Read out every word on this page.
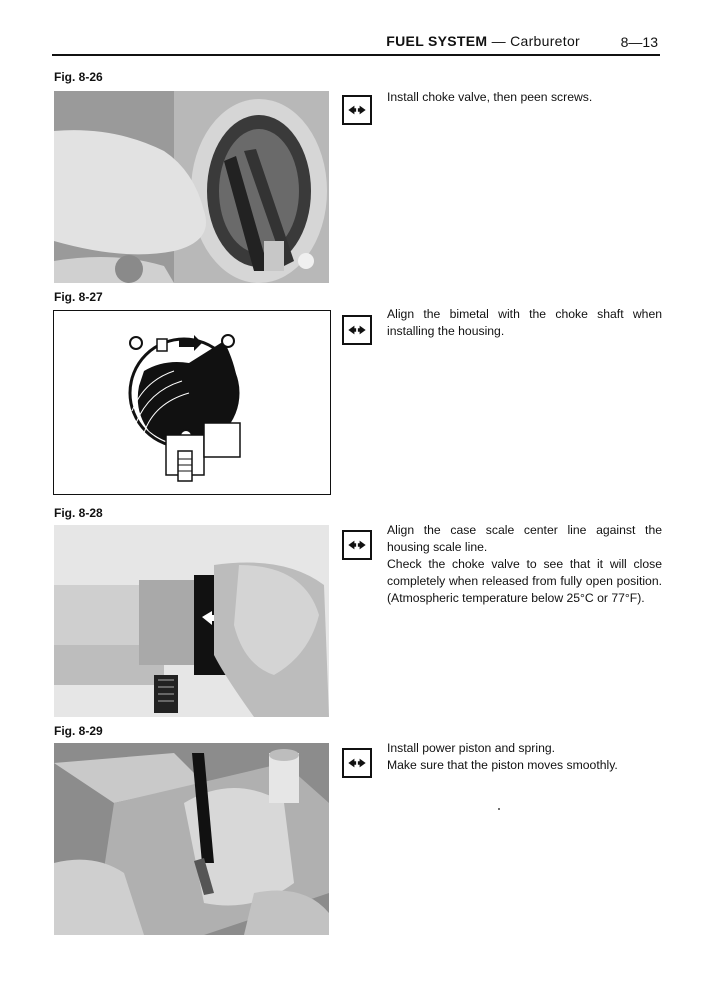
FUEL SYSTEM — Carburetor	8—13
Fig. 8-26

Install choke valve, then peen screws.

Fig. 8-27

Align the bimetal with the choke shaft when installing the housing.

Fig. 8-28

Align the case scale center line against the housing scale line.

Check the choke valve to see that it will close completely when released from fully open position. (Atmospheric temperature below 25°C or 77°F).

Fig. 8-29

Install power piston and spring.

Make sure that the piston moves smoothly.
